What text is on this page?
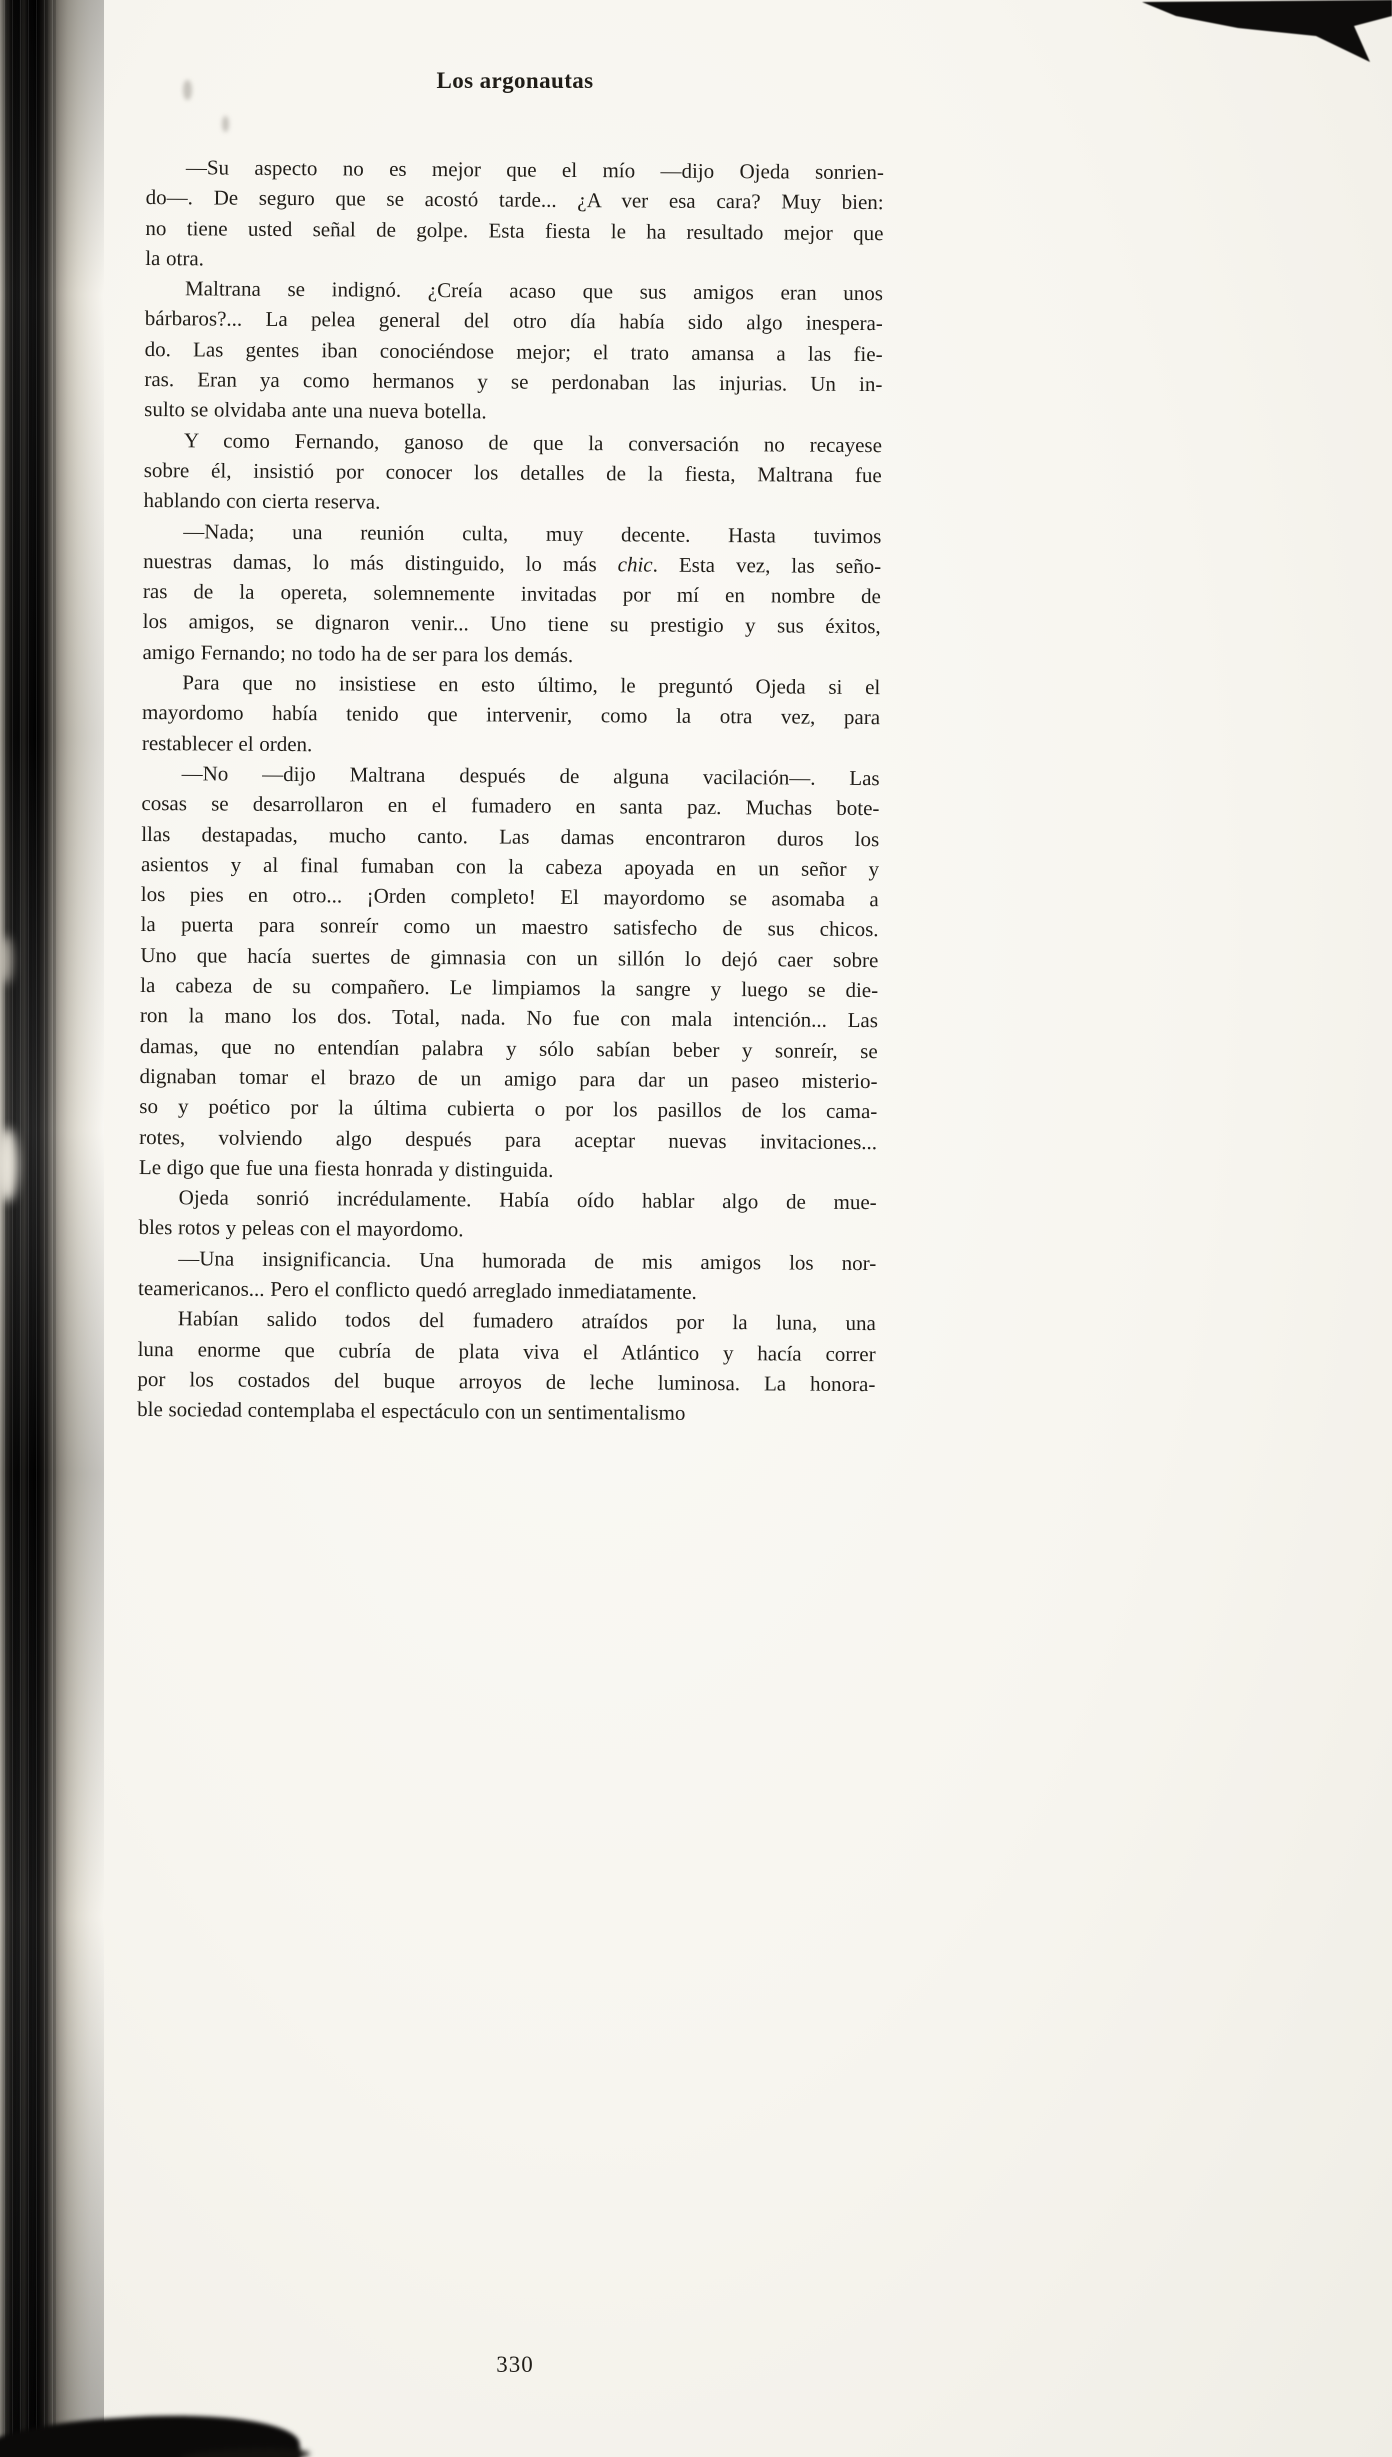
Los argonautas
—Su aspecto no es mejor que el mío —dijo Ojeda sonrien-
do—. De seguro que se acostó tarde... ¿A ver esa cara? Muy bien:
no tiene usted señal de golpe. Esta fiesta le ha resultado mejor que
la otra.
Maltrana se indignó. ¿Creía acaso que sus amigos eran unos
bárbaros?... La pelea general del otro día había sido algo inespera-
do. Las gentes iban conociéndose mejor; el trato amansa a las fie-
ras. Eran ya como hermanos y se perdonaban las injurias. Un in-
sulto se olvidaba ante una nueva botella.
Y como Fernando, ganoso de que la conversación no recayese
sobre él, insistió por conocer los detalles de la fiesta, Maltrana fue
hablando con cierta reserva.
—Nada; una reunión culta, muy decente. Hasta tuvimos
nuestras damas, lo más distinguido, lo más chic. Esta vez, las seño-
ras de la opereta, solemnemente invitadas por mí en nombre de
los amigos, se dignaron venir... Uno tiene su prestigio y sus éxitos,
amigo Fernando; no todo ha de ser para los demás.
Para que no insistiese en esto último, le preguntó Ojeda si el
mayordomo había tenido que intervenir, como la otra vez, para
restablecer el orden.
—No —dijo Maltrana después de alguna vacilación—. Las
cosas se desarrollaron en el fumadero en santa paz. Muchas bote-
llas destapadas, mucho canto. Las damas encontraron duros los
asientos y al final fumaban con la cabeza apoyada en un señor y
los pies en otro... ¡Orden completo! El mayordomo se asomaba a
la puerta para sonreír como un maestro satisfecho de sus chicos.
Uno que hacía suertes de gimnasia con un sillón lo dejó caer sobre
la cabeza de su compañero. Le limpiamos la sangre y luego se die-
ron la mano los dos. Total, nada. No fue con mala intención... Las
damas, que no entendían palabra y sólo sabían beber y sonreír, se
dignaban tomar el brazo de un amigo para dar un paseo misterio-
so y poético por la última cubierta o por los pasillos de los cama-
rotes, volviendo algo después para aceptar nuevas invitaciones...
Le digo que fue una fiesta honrada y distinguida.
Ojeda sonrió incrédulamente. Había oído hablar algo de mue-
bles rotos y peleas con el mayordomo.
—Una insignificancia. Una humorada de mis amigos los nor-
teamericanos... Pero el conflicto quedó arreglado inmediatamente.
Habían salido todos del fumadero atraídos por la luna, una
luna enorme que cubría de plata viva el Atlántico y hacía correr
por los costados del buque arroyos de leche luminosa. La honora-
ble sociedad contemplaba el espectáculo con un sentimentalismo
330
